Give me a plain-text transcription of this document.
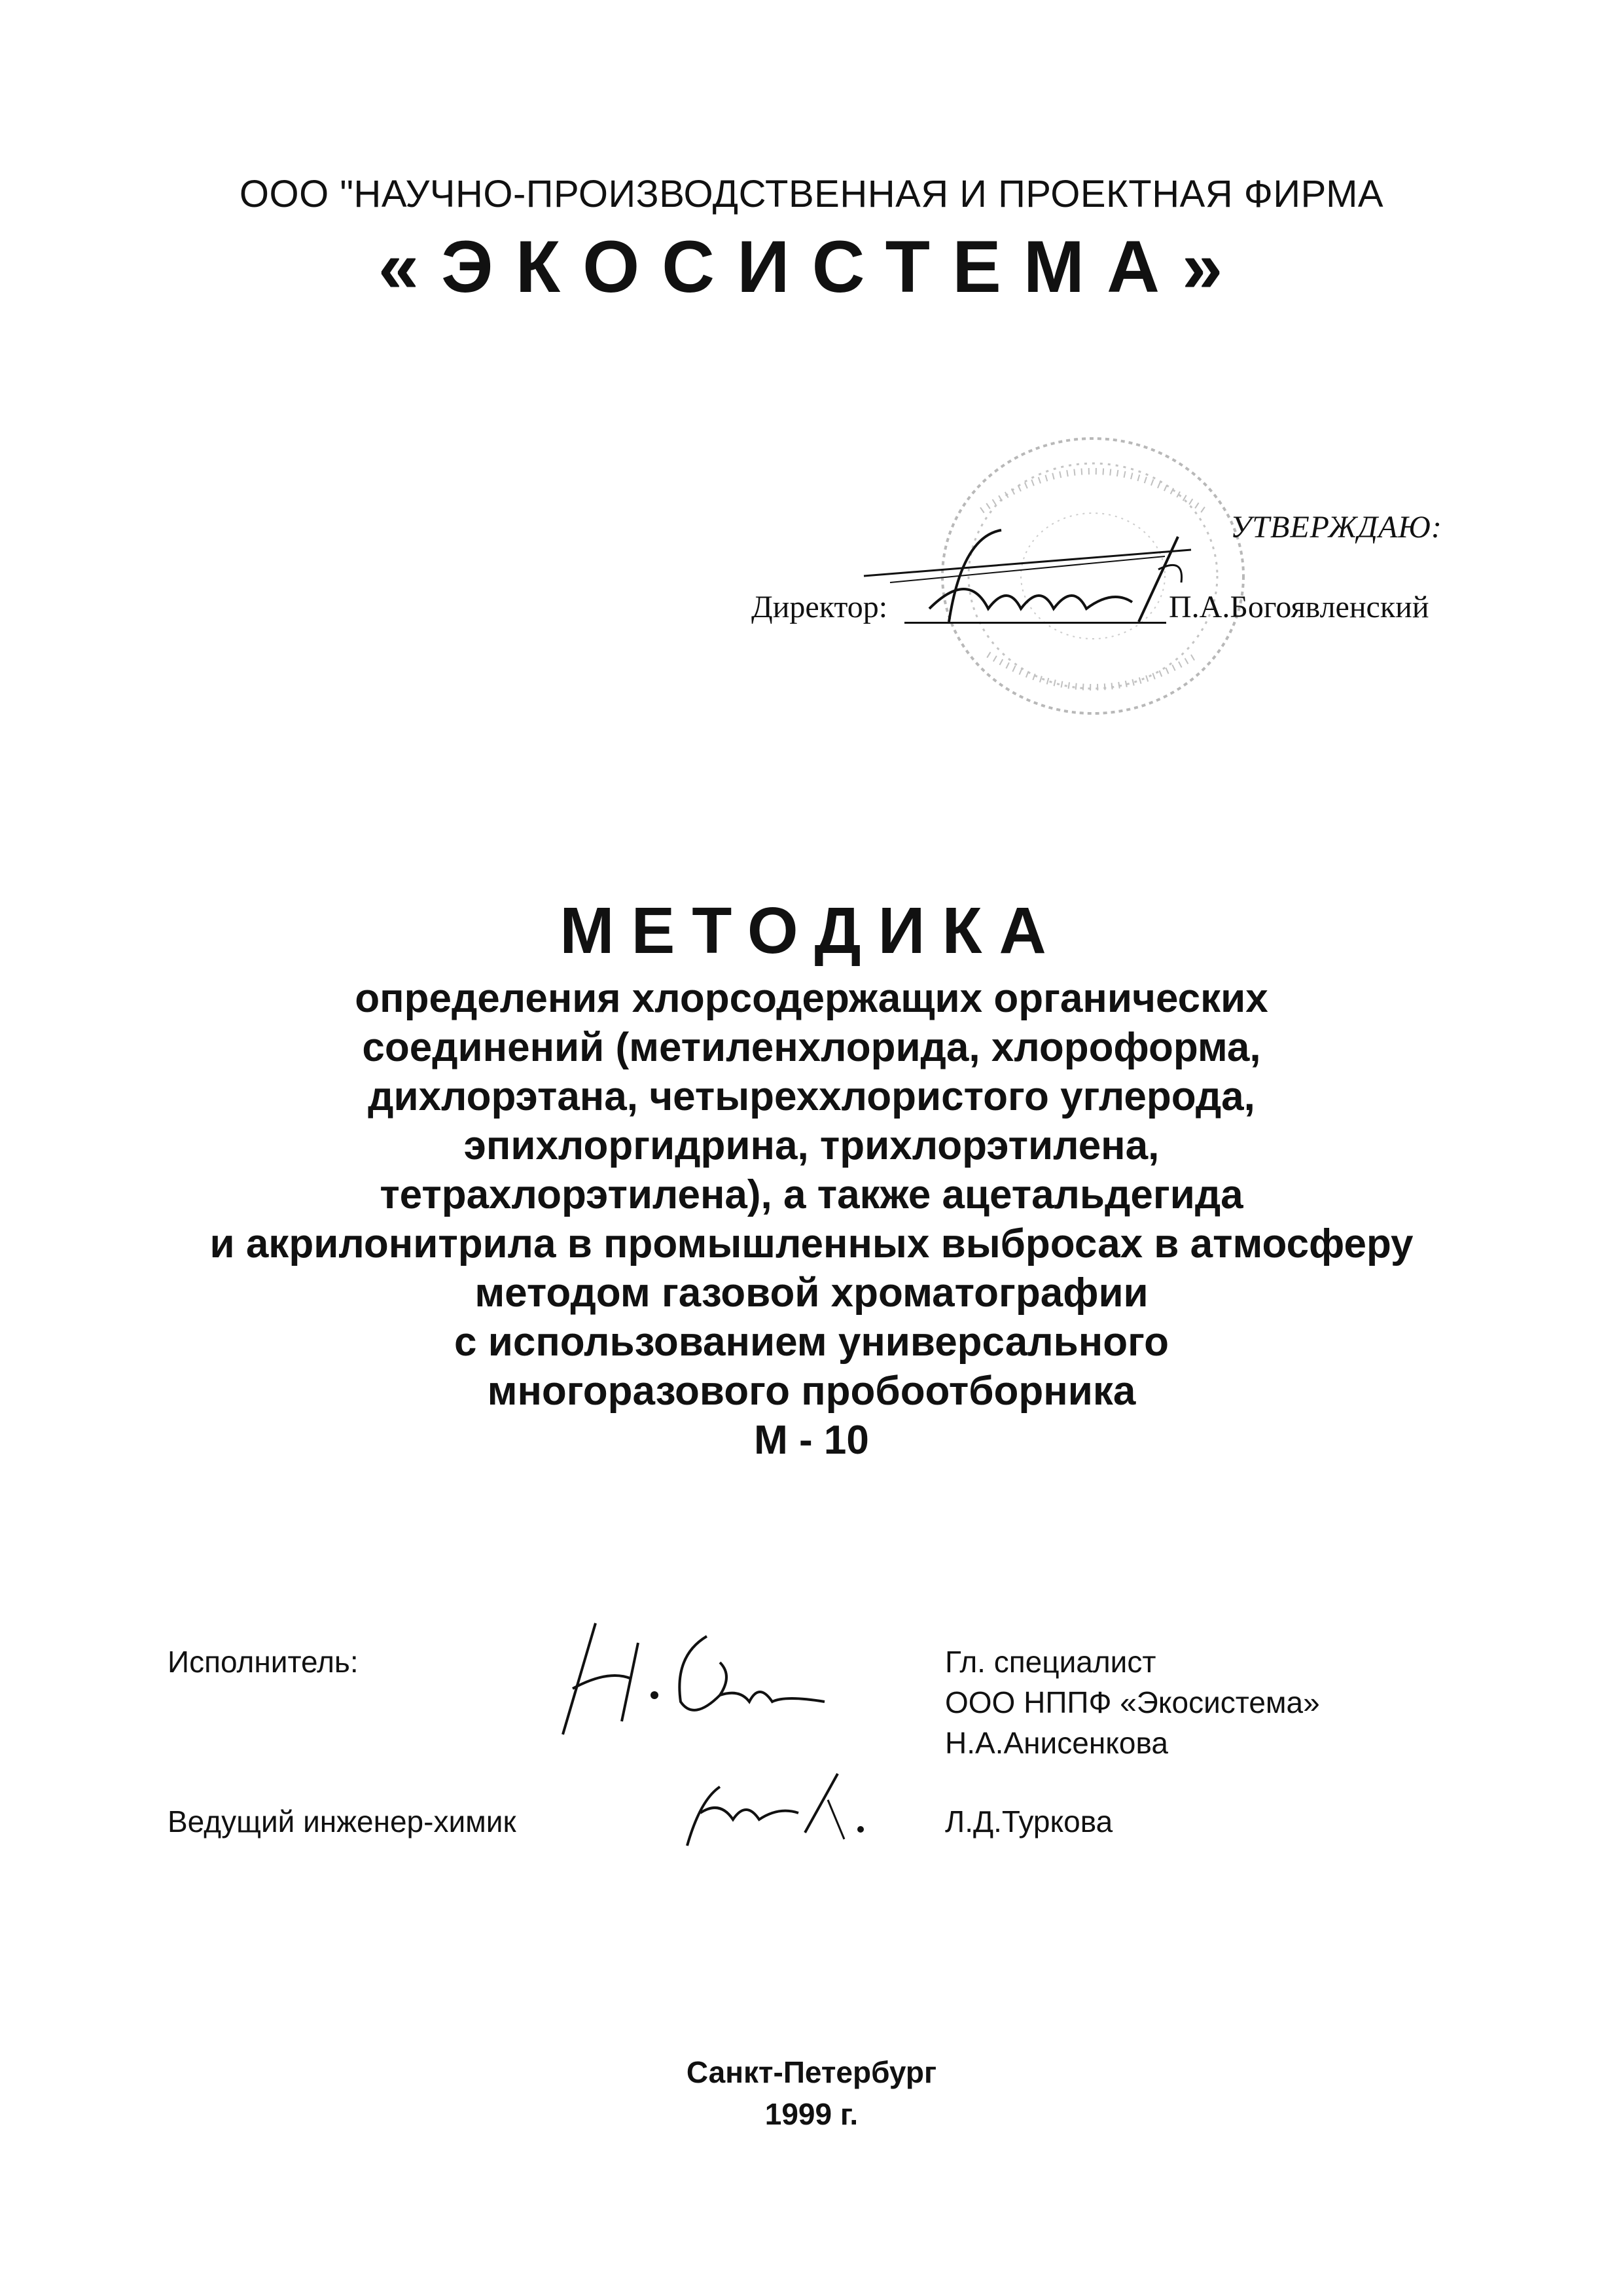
ООО "НАУЧНО-ПРОИЗВОДСТВЕННАЯ И ПРОЕКТНАЯ ФИРМА
«ЭКОСИСТЕМА»
УТВЕРЖДАЮ:
Директор:	П.А.Богоявленский
МЕТОДИКА
определения хлорсодержащих органических
соединений (метиленхлорида, хлороформа,
дихлорэтана, четыреххлористого углерода,
эпихлоргидрина, трихлорэтилена,
тетрахлорэтилена), а также ацетальдегида
и акрилонитрила в промышленных выбросах в атмосферу
методом газовой хроматографии
с использованием универсального
многоразового пробоотборника
М - 10
Исполнитель:	Гл. специалист
ООО НППФ «Экосистема»
Н.А.Анисенкова
Ведущий инженер-химик	Л.Д.Туркова
Санкт-Петербург
1999 г.
